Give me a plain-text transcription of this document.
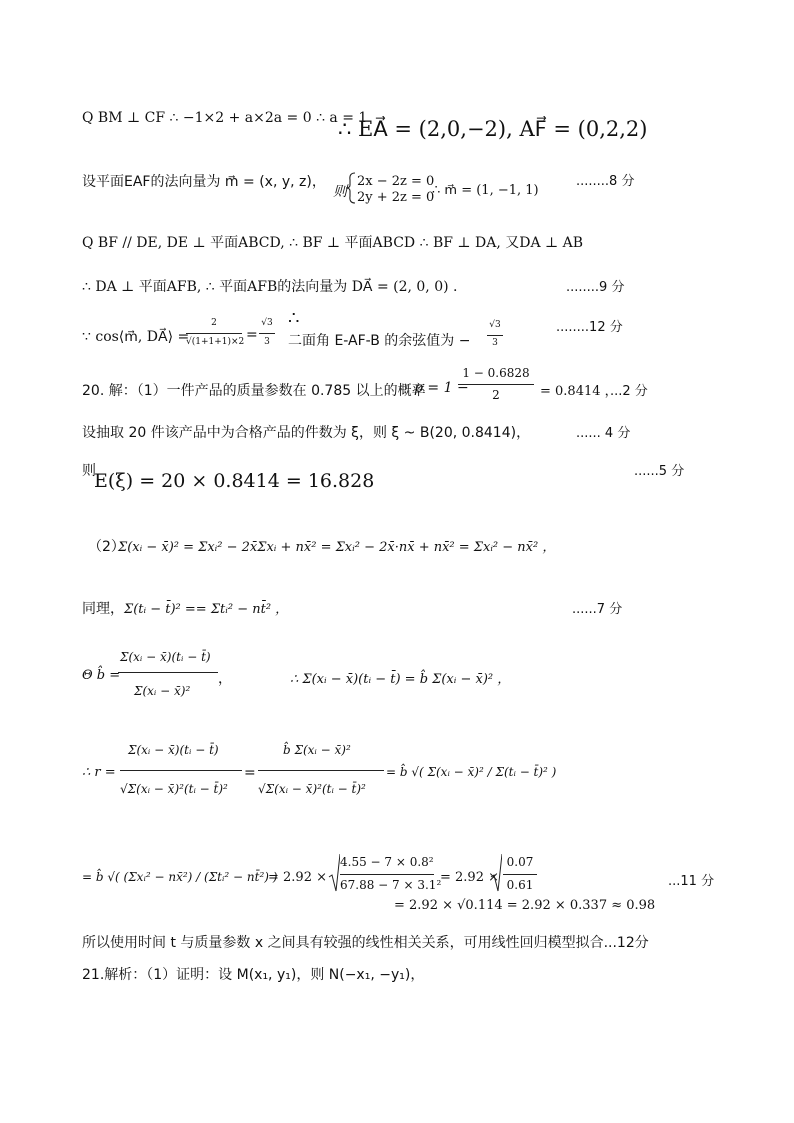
Q BM ⊥ CF ∴ −1×2 + a×2a = 0 ∴ a = 1
∴ EA⃗ = (2,0,−2), AF⃗ = (0,2,2)
设平面EAF的法向量为 m⃗ = (x, y, z)，
则
2x − 2z = 0
2y + 2z = 0
∴ m⃗ = (1, −1, 1)
........8 分
Q BF // DE, DE ⊥ 平面ABCD, ∴ BF ⊥ 平面ABCD ∴ BF ⊥ DA, 又DA ⊥ AB
∴ DA ⊥ 平面AFB, ∴ 平面AFB的法向量为 DA⃗ = (2, 0, 0) .	........9 分
∵ cos⟨m⃗, DA⃗⟩ =
2
√(1+1+1)×2 =
√3
3
∴
二面角 E-AF-B 的余弦值为 −
√3
3
........12 分
20. 解：（1）一件产品的质量参数在 0.785 以上的概率
p = 1 −
1 − 0.6828
2	= 0.8414 ，
...2 分
设抽取 20 件该产品中为合格产品的件数为 ξ，则 ξ ~ B(20, 0.8414)，	...... 4 分
则
E(ξ) = 20 × 0.8414 = 16.828	......5 分
（2）
Σ(xᵢ − x̄)² = Σxᵢ² − 2x̄Σxᵢ + nx̄² = Σxᵢ² − 2x̄·nx̄ + nx̄² = Σxᵢ² − nx̄² ，
同理， Σ(tᵢ − t̄)² == Σtᵢ² − nt̄² ，	......7 分
Θ b̂ =
Σ(xᵢ − x̄)(tᵢ − t̄)
Σ(xᵢ − x̄)²
，	∴ Σ(xᵢ − x̄)(tᵢ − t̄) = b̂ Σ(xᵢ − x̄)² ，
∴ r =
Σ(xᵢ − x̄)(tᵢ − t̄)
√Σ(xᵢ − x̄)²(tᵢ − t̄)²
=
b̂ Σ(xᵢ − x̄)²
√Σ(xᵢ − x̄)²(tᵢ − t̄)²
= b̂ √( Σ(xᵢ − x̄)² / Σ(tᵢ − t̄)² )
= b̂ √( (Σxᵢ² − nx̄²) / (Σtᵢ² − nt̄²) )
= 2.92 ×
4.55 − 7 × 0.8²
67.88 − 7 × 3.1²
= 2.92 ×
0.07
0.61
= 2.92 × √0.114 = 2.92 × 0.337 ≈ 0.98
...11 分
所以使用时间 t 与质量参数 x 之间具有较强的线性相关关系，可用线性回归模型拟合...12分
21.解析：（1）证明：设 M(x₁, y₁)，则 N(−x₁, −y₁)，
